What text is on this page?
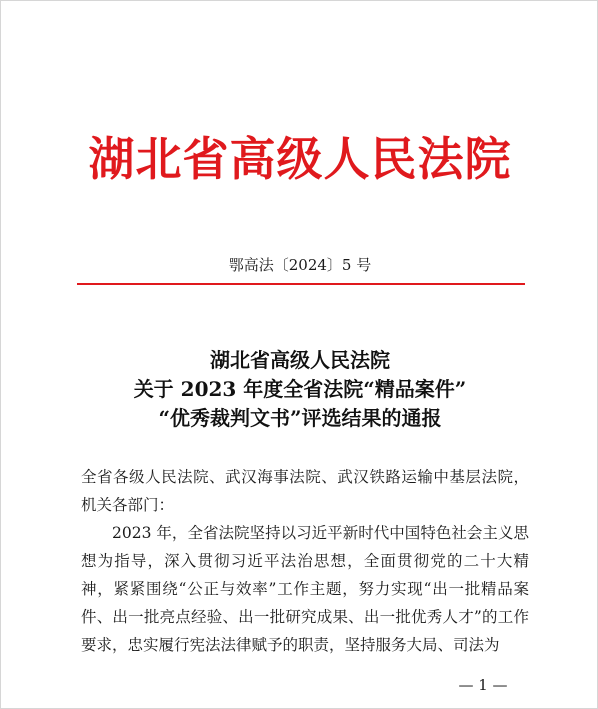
湖北省高级人民法院
鄂高法〔2024〕5 号
湖北省高级人民法院
关于 2023 年度全省法院“精品案件”
“优秀裁判文书”评选结果的通报

全省各级人民法院、武汉海事法院、武汉铁路运输中基层法院，机关各部门：

2023 年，全省法院坚持以习近平新时代中国特色社会主义思想为指导，深入贯彻习近平法治思想，全面贯彻党的二十大精神，紧紧围绕“公正与效率”工作主题，努力实现“出一批精品案件、出一批亮点经验、出一批研究成果、出一批优秀人才”的工作要求，忠实履行宪法法律赋予的职责，坚持服务大局、司法为

— 1 —
